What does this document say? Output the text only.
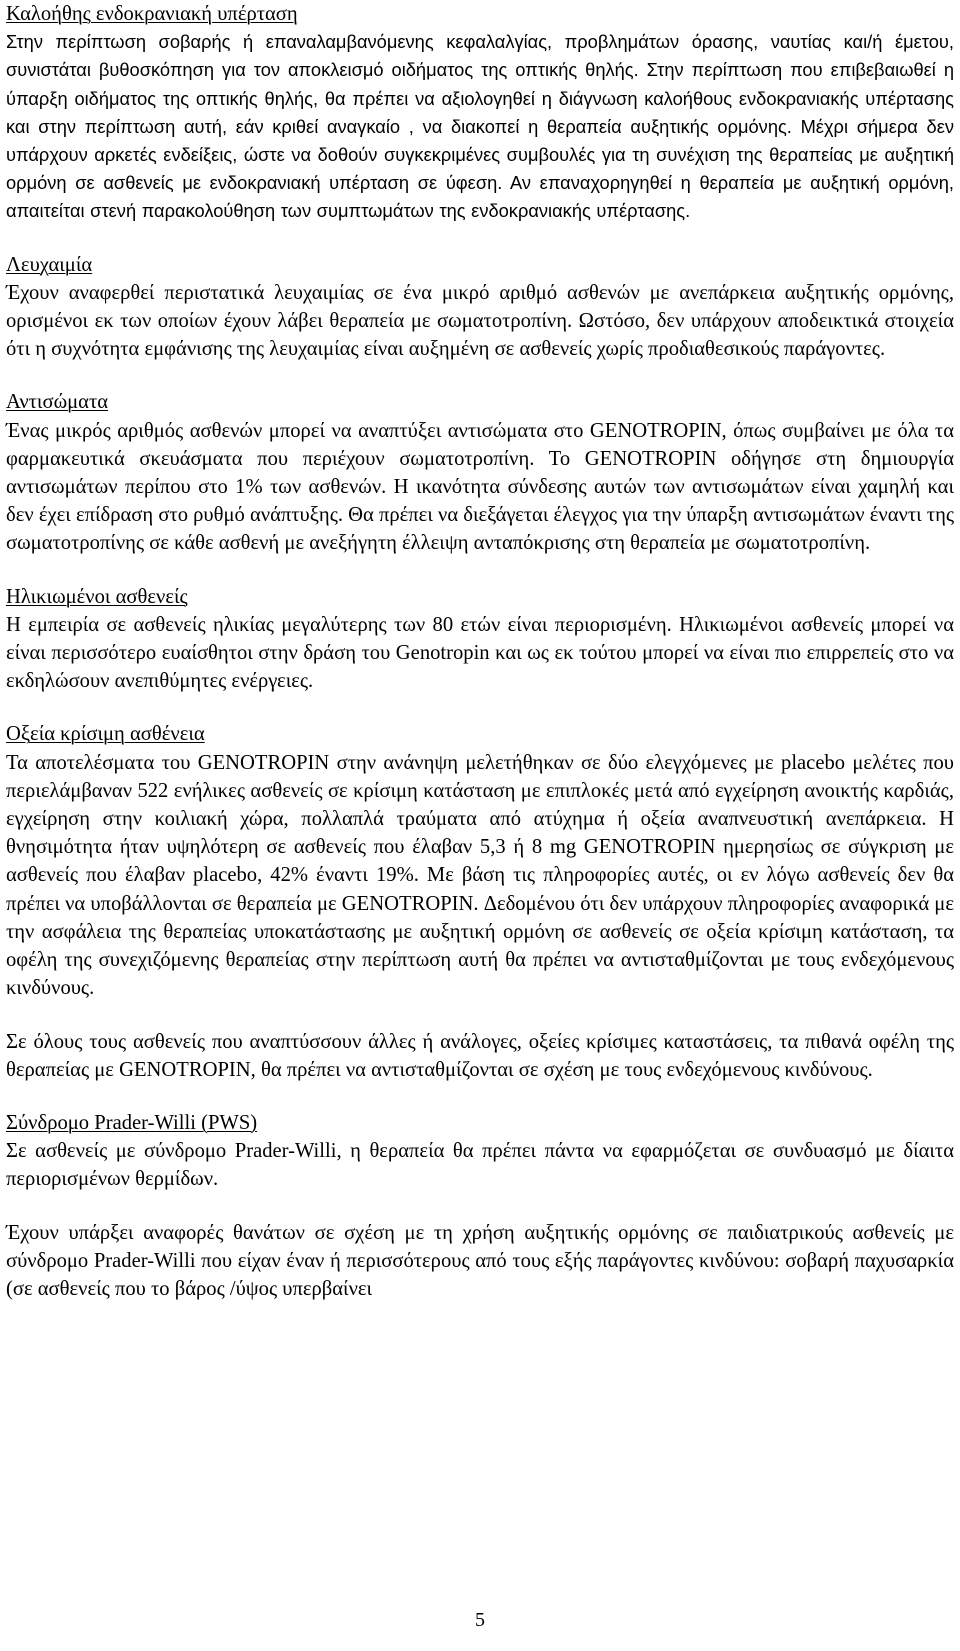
Καλοήθης ενδοκρανιακή υπέρταση

Στην περίπτωση σοβαρής ή επαναλαμβανόμενης κεφαλαλγίας, προβλημάτων όρασης, ναυτίας και/ή έμετου, συνιστάται βυθοσκόπηση για τον αποκλεισμό οιδήματος της οπτικής θηλής. Στην περίπτωση που επιβεβαιωθεί η ύπαρξη οιδήματος της οπτικής θηλής, θα πρέπει να αξιολογηθεί η διάγνωση καλοήθους ενδοκρανιακής υπέρτασης και στην περίπτωση αυτή, εάν κριθεί αναγκαίο , να διακοπεί η θεραπεία αυξητικής ορμόνης. Μέχρι σήμερα δεν υπάρχουν αρκετές ενδείξεις, ώστε να δοθούν συγκεκριμένες συμβουλές για τη συνέχιση της θεραπείας με αυξητική ορμόνη σε ασθενείς με ενδοκρανιακή υπέρταση σε ύφεση. Αν επαναχορηγηθεί η θεραπεία με αυξητική ορμόνη, απαιτείται στενή παρακολούθηση των συμπτωμάτων της ενδοκρανιακής υπέρτασης.

Λευχαιμία

Έχουν αναφερθεί περιστατικά λευχαιμίας σε ένα μικρό αριθμό ασθενών με ανεπάρκεια αυξητικής ορμόνης, ορισμένοι εκ των οποίων έχουν λάβει θεραπεία με σωματοτροπίνη. Ωστόσο, δεν υπάρχουν αποδεικτικά στοιχεία ότι η συχνότητα εμφάνισης της λευχαιμίας είναι αυξημένη σε ασθενείς χωρίς προδιαθεσικούς παράγοντες.

Αντισώματα

Ένας μικρός αριθμός ασθενών μπορεί να αναπτύξει αντισώματα στο GENOTROPIN, όπως συμβαίνει με όλα τα φαρμακευτικά σκευάσματα που περιέχουν σωματοτροπίνη. Το GENOTROPIN οδήγησε στη δημιουργία αντισωμάτων περίπου στο 1% των ασθενών. Η ικανότητα σύνδεσης αυτών των αντισωμάτων είναι χαμηλή και δεν έχει επίδραση στο ρυθμό ανάπτυξης. Θα πρέπει να διεξάγεται έλεγχος για την ύπαρξη αντισωμάτων έναντι της σωματοτροπίνης σε κάθε ασθενή με ανεξήγητη έλλειψη ανταπόκρισης στη θεραπεία με σωματοτροπίνη.

Ηλικιωμένοι ασθενείς

Η εμπειρία σε ασθενείς ηλικίας μεγαλύτερης των 80 ετών είναι περιορισμένη. Ηλικιωμένοι ασθενείς μπορεί να είναι περισσότερο ευαίσθητοι στην δράση του Genotropin και ως εκ τούτου μπορεί να είναι πιο επιρρεπείς στο να εκδηλώσουν ανεπιθύμητες ενέργειες.

Οξεία κρίσιμη ασθένεια

Τα αποτελέσματα του GENOTROPIN στην ανάνηψη μελετήθηκαν σε δύο ελεγχόμενες με placebo μελέτες που περιελάμβαναν 522 ενήλικες ασθενείς σε κρίσιμη κατάσταση με επιπλοκές μετά από εγχείρηση ανοικτής καρδιάς, εγχείρηση στην κοιλιακή χώρα, πολλαπλά τραύματα από ατύχημα ή οξεία αναπνευστική ανεπάρκεια. Η θνησιμότητα ήταν υψηλότερη σε ασθενείς που έλαβαν 5,3 ή 8 mg GENOTROPIN ημερησίως σε σύγκριση με ασθενείς που έλαβαν placebo, 42% έναντι 19%. Με βάση τις πληροφορίες αυτές, οι εν λόγω ασθενείς δεν θα πρέπει να υποβάλλονται σε θεραπεία με GENOTROPIN. Δεδομένου ότι δεν υπάρχουν πληροφορίες αναφορικά με την ασφάλεια της θεραπείας υποκατάστασης με αυξητική ορμόνη σε ασθενείς σε οξεία κρίσιμη κατάσταση, τα οφέλη της συνεχιζόμενης θεραπείας στην περίπτωση αυτή θα πρέπει να αντισταθμίζονται με τους ενδεχόμενους κινδύνους.

Σε όλους τους ασθενείς που αναπτύσσουν άλλες ή ανάλογες, οξείες κρίσιμες καταστάσεις, τα πιθανά οφέλη της θεραπείας με GENOTROPIN, θα πρέπει να αντισταθμίζονται σε σχέση με τους ενδεχόμενους κινδύνους.

Σύνδρομο Prader-Willi (PWS)

Σε ασθενείς με σύνδρομο Prader-Willi, η θεραπεία θα πρέπει πάντα να εφαρμόζεται σε συνδυασμό με δίαιτα περιορισμένων θερμίδων.

Έχουν υπάρξει αναφορές θανάτων σε σχέση με τη χρήση αυξητικής ορμόνης σε παιδιατρικούς ασθενείς με σύνδρομο Prader-Willi που είχαν έναν ή περισσότερους από τους εξής παράγοντες κινδύνου: σοβαρή παχυσαρκία (σε ασθενείς που το βάρος /ύψος υπερβαίνει

5
